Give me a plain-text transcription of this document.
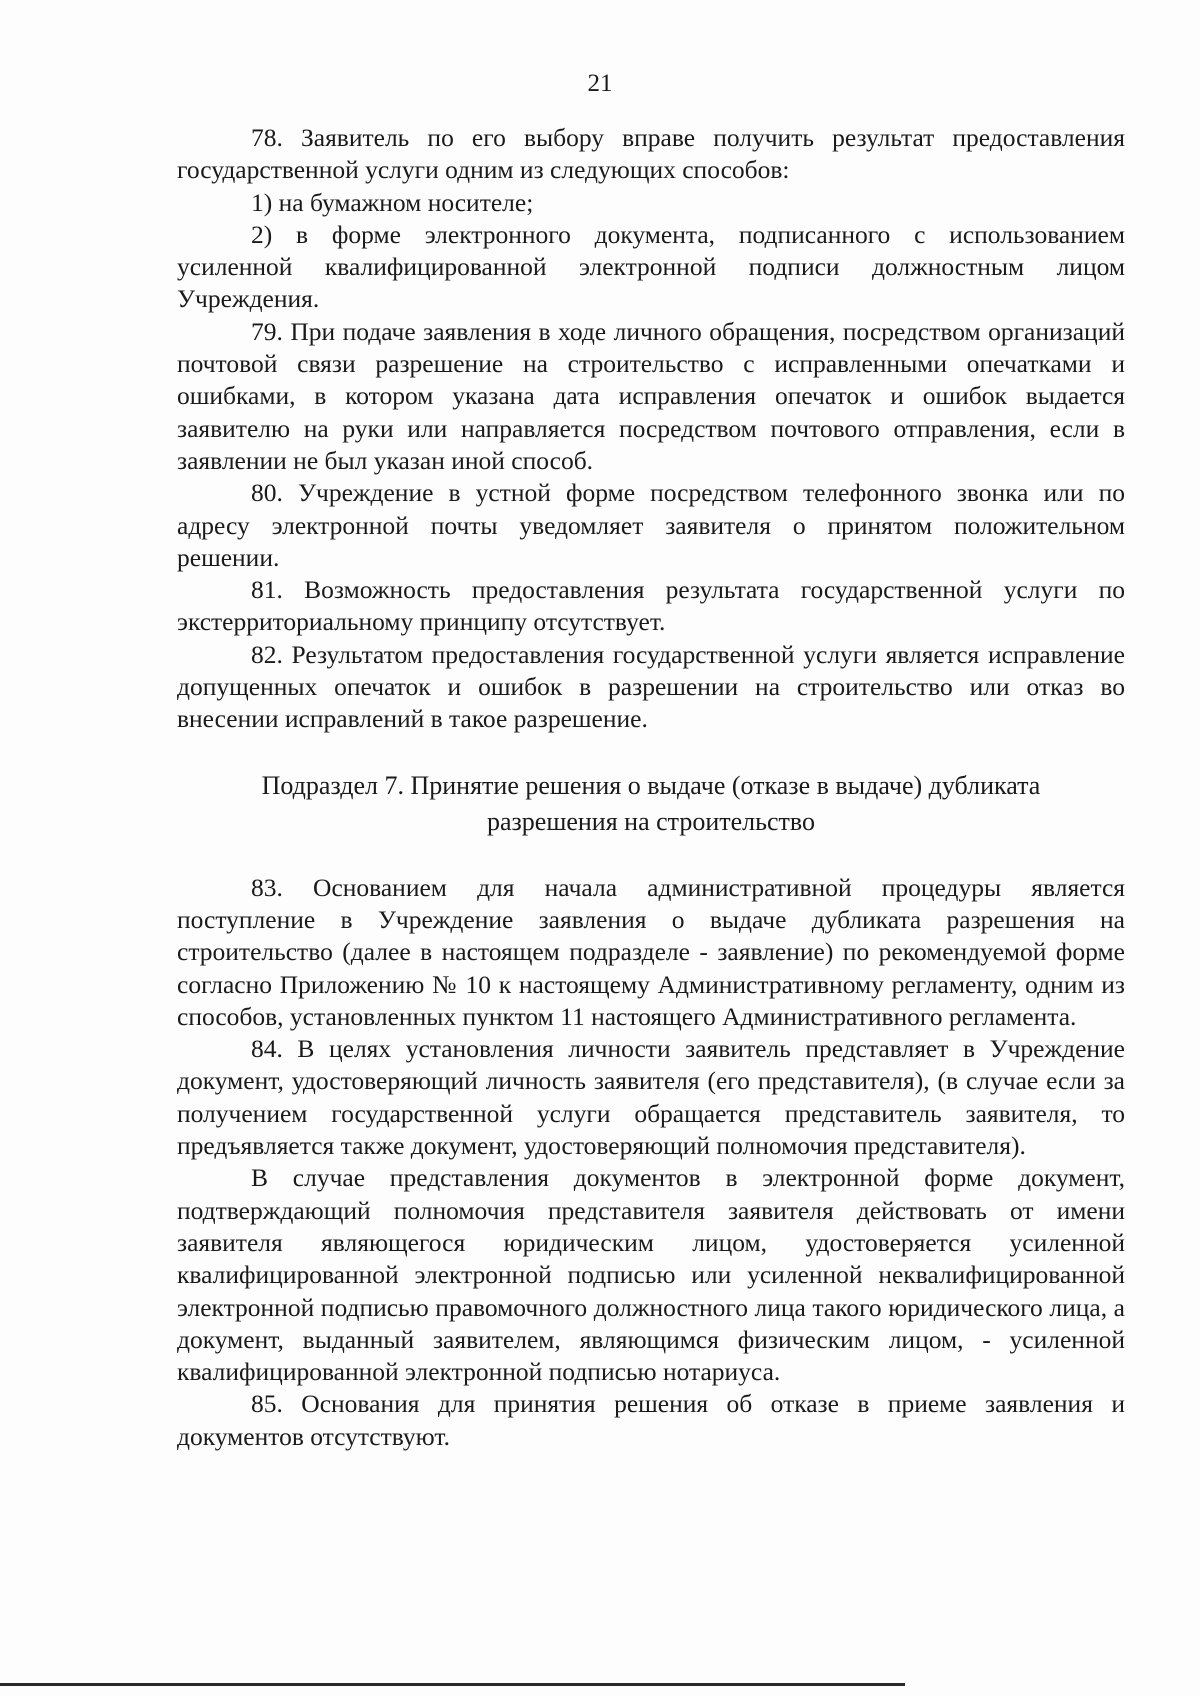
21

78. Заявитель по его выбору вправе получить результат предоставления государственной услуги одним из следующих способов:

1) на бумажном носителе;

2) в форме электронного документа, подписанного с использованием усиленной квалифицированной электронной подписи должностным лицом Учреждения.

79. При подаче заявления в ходе личного обращения, посредством организаций почтовой связи разрешение на строительство с исправленными опечатками и ошибками, в котором указана дата исправления опечаток и ошибок выдается заявителю на руки или направляется посредством почтового отправления, если в заявлении не был указан иной способ.

80. Учреждение в устной форме посредством телефонного звонка или по адресу электронной почты уведомляет заявителя о принятом положительном решении.

81. Возможность предоставления результата государственной услуги по экстерриториальному принципу отсутствует.

82. Результатом предоставления государственной услуги является исправление допущенных опечаток и ошибок в разрешении на строительство или отказ во внесении исправлений в такое разрешение.

Подраздел 7. Принятие решения о выдаче (отказе в выдаче) дубликата
разрешения на строительство

83. Основанием для начала административной процедуры является поступление в Учреждение заявления о выдаче дубликата разрешения на строительство (далее в настоящем подразделе - заявление) по рекомендуемой форме согласно Приложению № 10 к настоящему Административному регламенту, одним из способов, установленных пунктом 11 настоящего Административного регламента.

84. В целях установления личности заявитель представляет в Учреждение документ, удостоверяющий личность заявителя (его представителя), (в случае если за получением государственной услуги обращается представитель заявителя, то предъявляется также документ, удостоверяющий полномочия представителя).

В случае представления документов в электронной форме документ, подтверждающий полномочия представителя заявителя действовать от имени заявителя являющегося юридическим лицом, удостоверяется усиленной квалифицированной электронной подписью или усиленной неквалифицированной электронной подписью правомочного должностного лица такого юридического лица, а документ, выданный заявителем, являющимся физическим лицом, - усиленной квалифицированной электронной подписью нотариуса.

85. Основания для принятия решения об отказе в приеме заявления и документов отсутствуют.
